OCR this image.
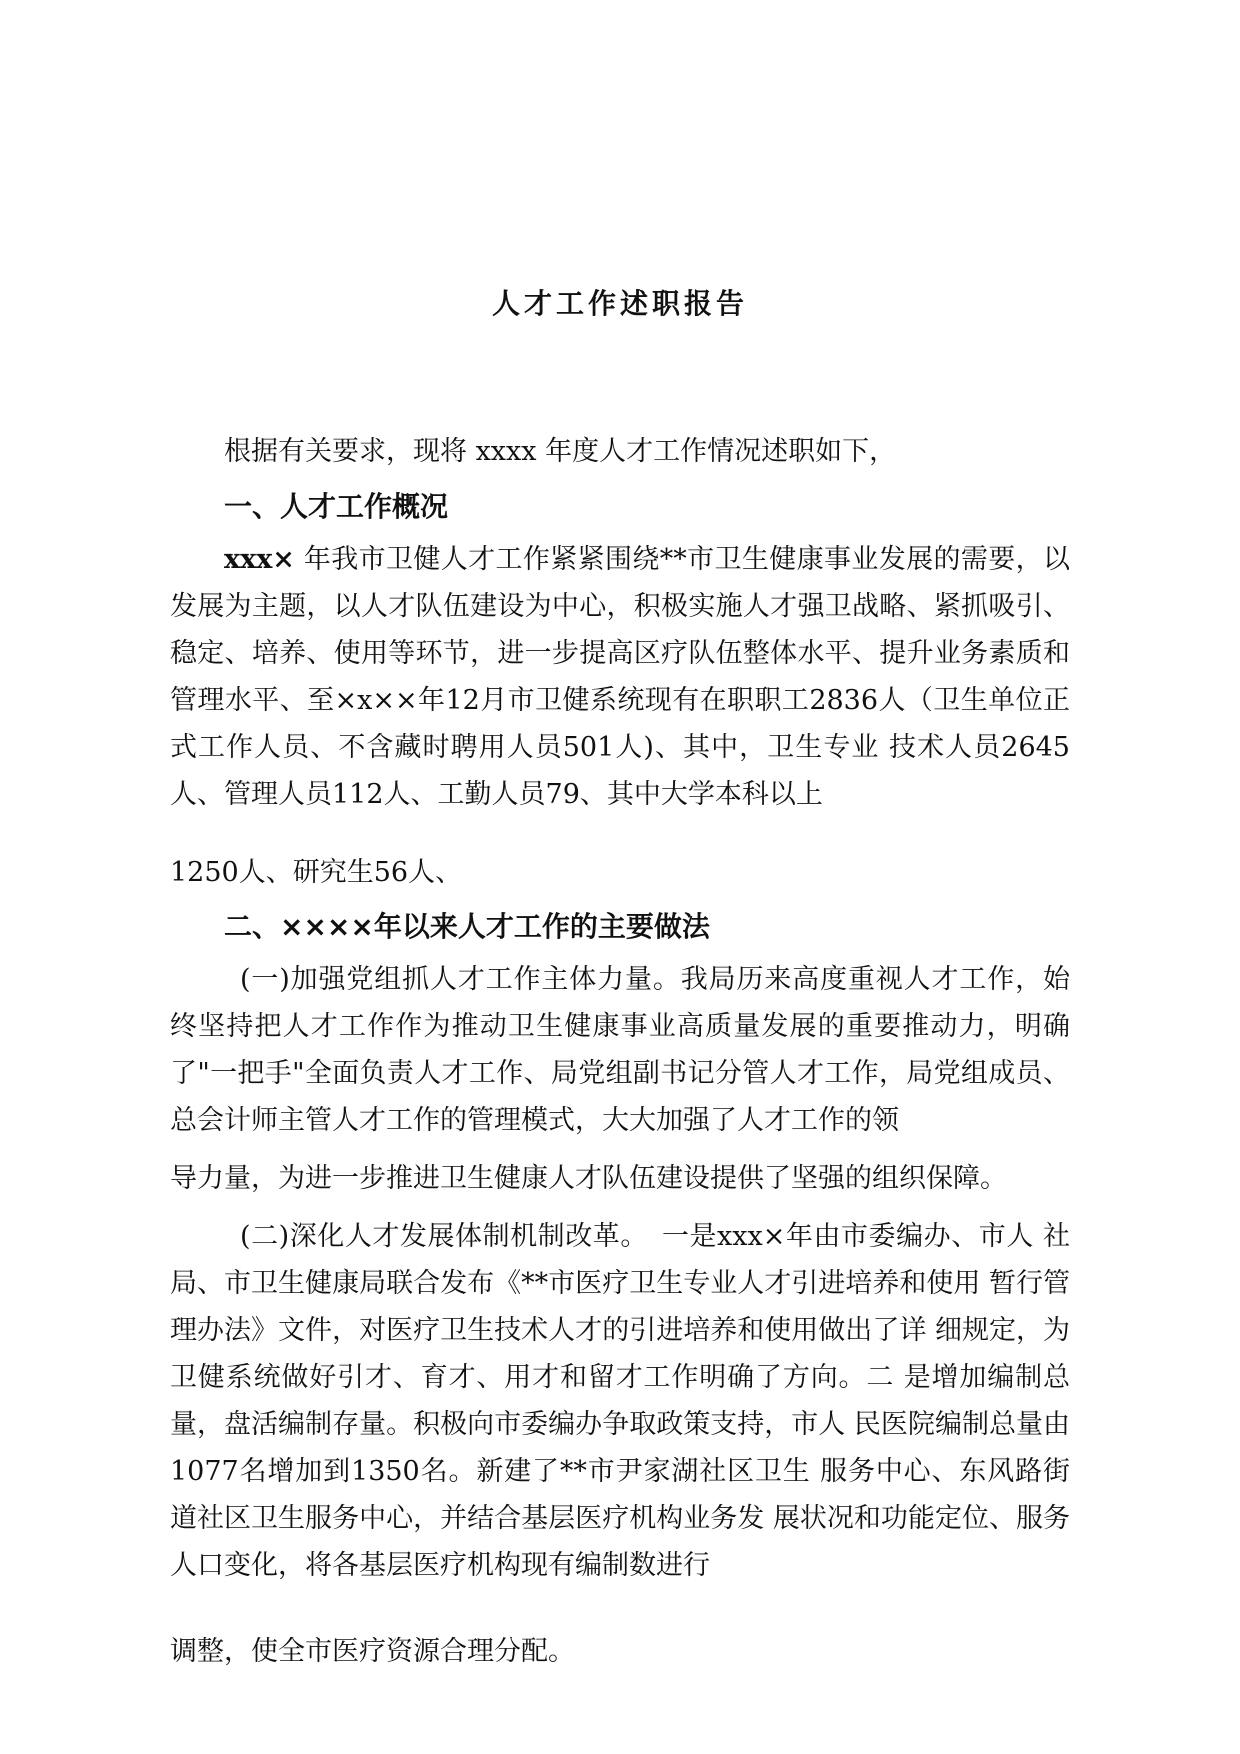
人才工作述职报告

根据有关要求，现将 xxxx 年度人才工作情况述职如下，

一、人才工作概况

xxx× 年我市卫健人才工作紧紧围绕**市卫生健康事业发展的需要，以发展为主题，以人才队伍建设为中心，积极实施人才强卫战略、紧抓吸引、稳定、培养、使用等环节，进一步提高区疗队伍整体水平、提升业务素质和管理水平、至×x××年12月市卫健系统现有在职职工2836人（卫生单位正式工作人员、不含藏时聘用人员501人)、其中，卫生专业 技术人员2645人、管理人员112人、工勤人员79、其中大学本科以上

1250人、研究生56人、

二、××××年以来人才工作的主要做法

(一)加强党组抓人才工作主体力量。我局历来高度重视人才工作，始终坚持把人才工作作为推动卫生健康事业高质量发展的重要推动力，明确了"一把手"全面负责人才工作、局党组副书记分管人才工作，局党组成员、总会计师主管人才工作的管理模式，大大加强了人才工作的领

导力量，为进一步推进卫生健康人才队伍建设提供了坚强的组织保障。

(二)深化人才发展体制机制改革。　一是xxx×年由市委编办、市人 社局、市卫生健康局联合发布《**市医疗卫生专业人才引进培养和使用 暂行管理办法》文件，对医疗卫生技术人才的引进培养和使用做出了详 细规定，为卫健系统做好引才、育才、用才和留才工作明确了方向。二 是增加编制总量，盘活编制存量。积极向市委编办争取政策支持，市人 民医院编制总量由1077名增加到1350名。新建了**市尹家湖社区卫生 服务中心、东风路街道社区卫生服务中心，并结合基层医疗机构业务发 展状况和功能定位、服务人口变化，将各基层医疗机构现有编制数进行

调整，使全市医疗资源合理分配。
